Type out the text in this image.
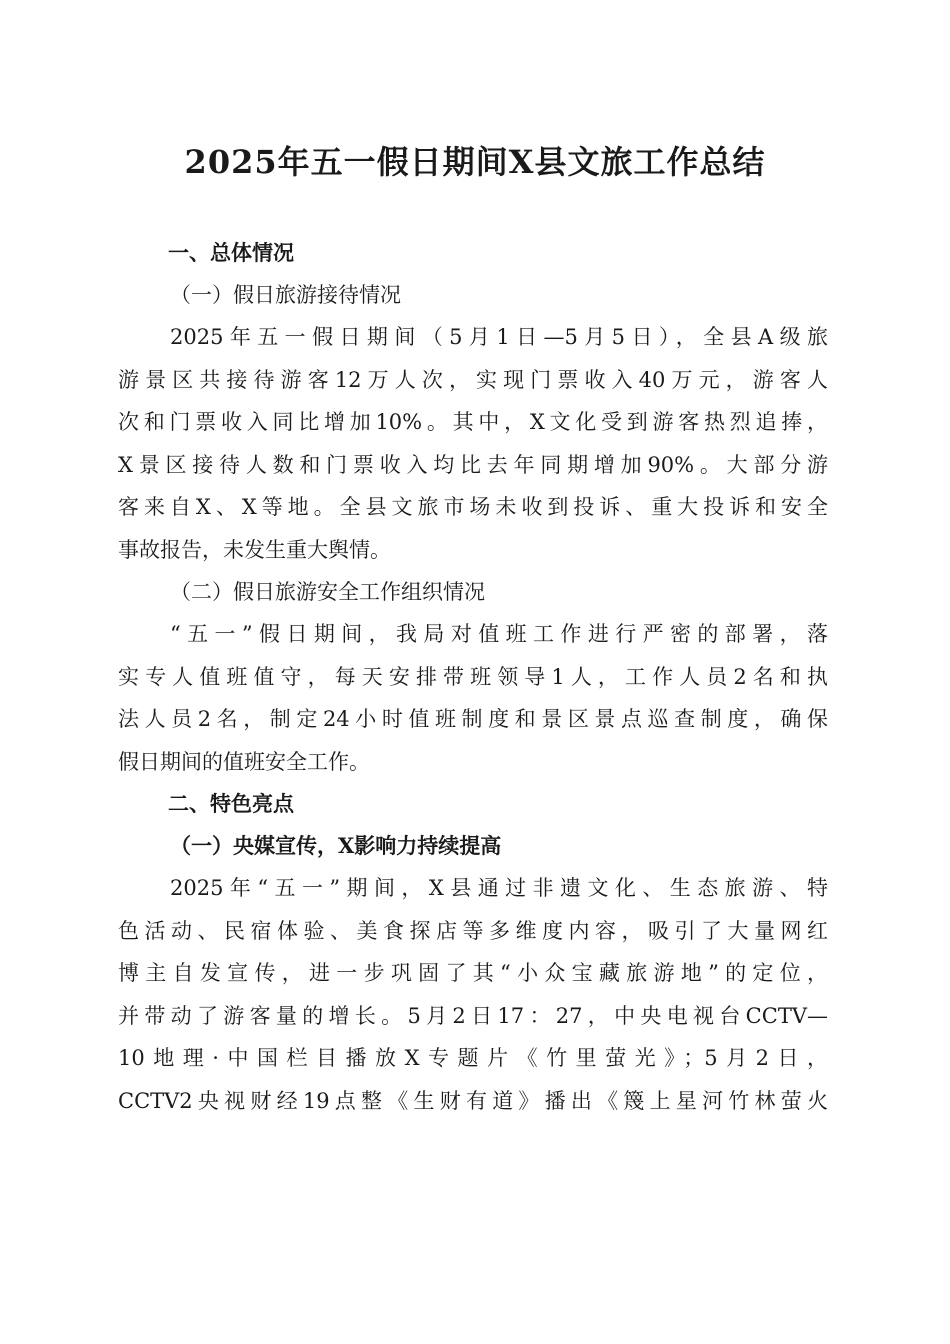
2025年五一假日期间X县文旅工作总结
一、总体情况
（一）假日旅游接待情况
2025年五一假日期间（5月1日—5月5日），全县A级旅
游景区共接待游客12万人次，实现门票收入40万元，游客人
次和门票收入同比增加10%。其中，X文化受到游客热烈追捧，
X景区接待人数和门票收入均比去年同期增加90%。大部分游
客来自X、X等地。全县文旅市场未收到投诉、重大投诉和安全
事故报告，未发生重大舆情。
（二）假日旅游安全工作组织情况
“五一”假日期间，我局对值班工作进行严密的部署，落
实专人值班值守，每天安排带班领导1人，工作人员2名和执
法人员2名，制定24小时值班制度和景区景点巡查制度，确保
假日期间的值班安全工作。
二、特色亮点
（一）央媒宣传，X影响力持续提高
2025年“五一”期间，X县通过非遗文化、生态旅游、特
色活动、民宿体验、美食探店等多维度内容，吸引了大量网红
博主自发宣传，进一步巩固了其“小众宝藏旅游地”的定位，
并带动了游客量的增长。5月2日17：27，中央电视台CCTV—
10地理·中国栏目播放X专题片《竹里萤光》；5月2日，
CCTV2央视财经19点整《生财有道》播出《篾上星河竹林萤火
